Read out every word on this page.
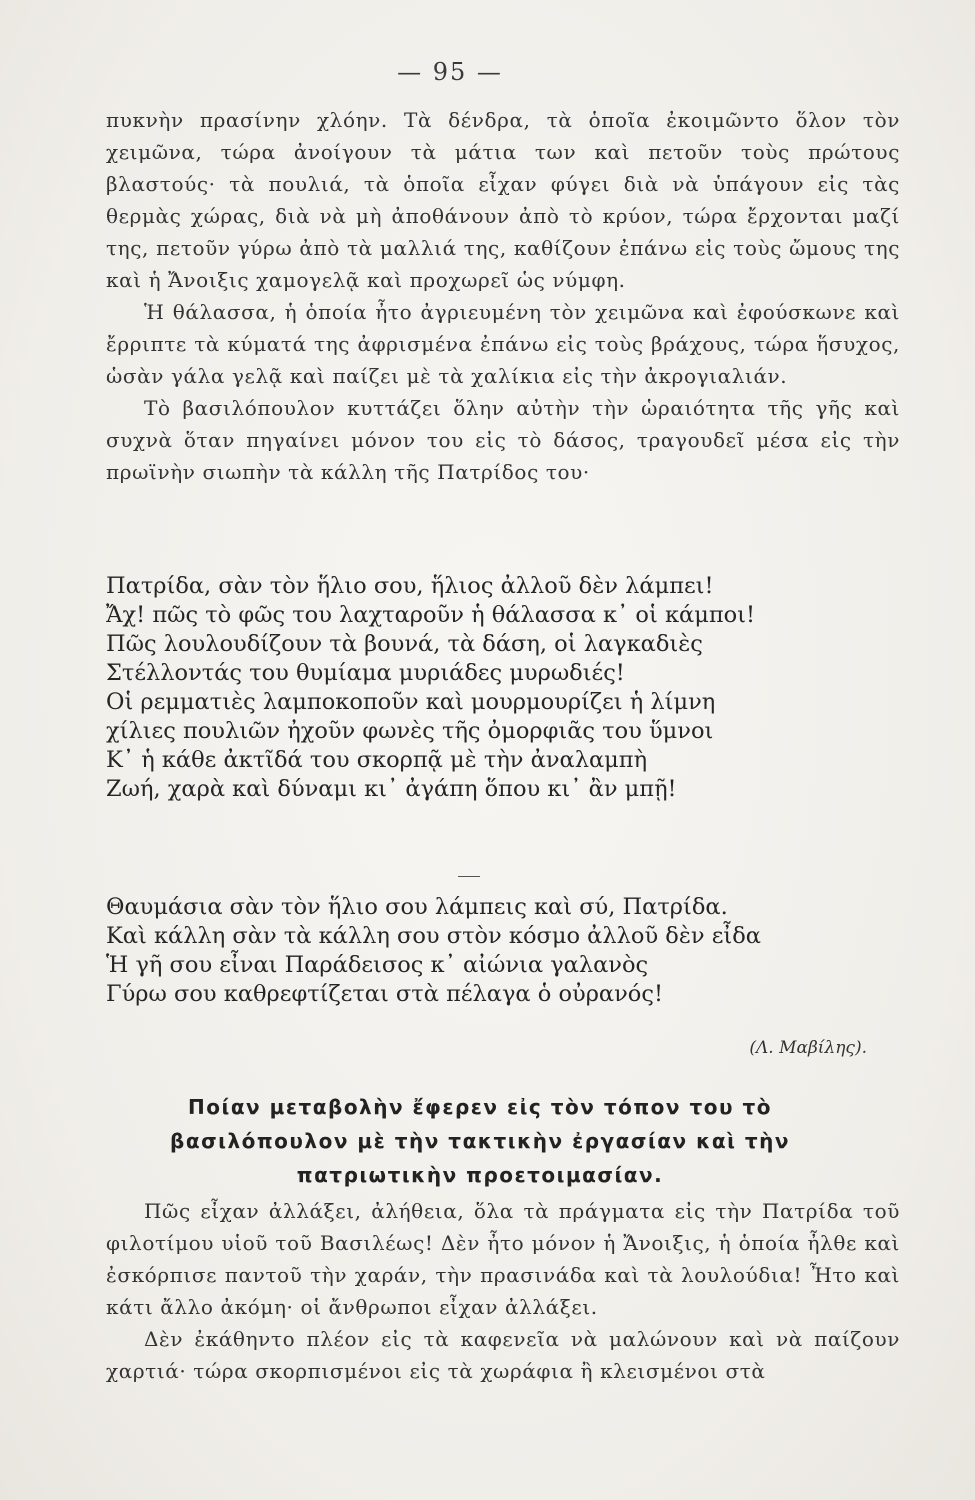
— 95 —

πυκνὴν πρασίνην χλόην. Τὰ δένδρα, τὰ ὁποῖα ἐκοιμῶντο ὅλον τὸν χειμῶνα, τώρα ἀνοίγουν τὰ μάτια των καὶ πετοῦν τοὺς πρώτους βλαστούς· τὰ πουλιά, τὰ ὁποῖα εἶχαν φύγει διὰ νὰ ὑπάγουν εἰς τὰς θερμὰς χώρας, διὰ νὰ μὴ ἀποθάνουν ἀπὸ τὸ κρύον, τώρα ἔρχονται μαζί της, πετοῦν γύρω ἀπὸ τὰ μαλλιά της, καθίζουν ἐπάνω εἰς τοὺς ὤμους της καὶ ἡ Ἄνοιξις χαμογελᾷ καὶ προχωρεῖ ὡς νύμφη.

Ἡ θάλασσα, ἡ ὁποία ἦτο ἀγριευμένη τὸν χειμῶνα καὶ ἐφούσκωνε καὶ ἔρριπτε τὰ κύματά της ἀφρισμένα ἐπάνω εἰς τοὺς βράχους, τώρα ἥσυχος, ὡσὰν γάλα γελᾷ καὶ παίζει μὲ τὰ χαλίκια εἰς τὴν ἀκρογιαλιάν.

Τὸ βασιλόπουλον κυττάζει ὅλην αὐτὴν τὴν ὡραιότητα τῆς γῆς καὶ συχνὰ ὅταν πηγαίνει μόνον του εἰς τὸ δάσος, τραγουδεῖ μέσα εἰς τὴν πρωϊνὴν σιωπὴν τὰ κάλλη τῆς Πατρίδος του·

Πατρίδα, σὰν τὸν ἥλιο σου, ἥλιος ἀλλοῦ δὲν λάμπει!
Ἄχ! πῶς τὸ φῶς του λαχταροῦν ἡ θάλασσα κ᾽ οἱ κάμποι!
Πῶς λουλουδίζουν τὰ βουνά, τὰ δάση, οἱ λαγκαδιὲς
Στέλλοντάς του θυμίαμα μυριάδες μυρωδιές!
Οἱ ρεμματιὲς λαμποκοποῦν καὶ μουρμουρίζει ἡ λίμνη
χίλιες πουλιῶν ἠχοῦν φωνὲς τῆς ὀμορφιᾶς του ὕμνοι
Κ᾽ ἡ κάθε ἀκτῖδά του σκορπᾷ μὲ τὴν ἀναλαμπὴ
Ζωή, χαρὰ καὶ δύναμι κι᾽ ἀγάπη ὅπου κι᾽ ἂν μπῇ!
Θαυμάσια σὰν τὸν ἥλιο σου λάμπεις καὶ σύ, Πατρίδα.
Καὶ κάλλη σὰν τὰ κάλλη σου στὸν κόσμο ἀλλοῦ δὲν εἶδα
Ἡ γῆ σου εἶναι Παράδεισος κ᾽ αἰώνια γαλανὸς
Γύρω σου καθρεφτίζεται στὰ πέλαγα ὁ οὐρανός!
(Λ. Μαβίλης).
Ποίαν μεταβολὴν ἔφερεν εἰς τὸν τόπον του τὸ βασιλόπουλον μὲ τὴν τακτικὴν ἐργασίαν καὶ τὴν πατριωτικὴν προετοιμασίαν.

Πῶς εἶχαν ἀλλάξει, ἀλήθεια, ὅλα τὰ πράγματα εἰς τὴν Πατρίδα τοῦ φιλοτίμου υἱοῦ τοῦ Βασιλέως! Δὲν ἦτο μόνον ἡ Ἄνοιξις, ἡ ὁποία ἦλθε καὶ ἐσκόρπισε παντοῦ τὴν χαράν, τὴν πρασινάδα καὶ τὰ λουλούδια! Ἦτο καὶ κάτι ἄλλο ἀκόμη· οἱ ἄνθρωποι εἶχαν ἀλλάξει.

Δὲν ἐκάθηντο πλέον εἰς τὰ καφενεῖα νὰ μαλώνουν καὶ νὰ παίζουν χαρτιά· τώρα σκορπισμένοι εἰς τὰ χωράφια ἢ κλεισμένοι στὰ
